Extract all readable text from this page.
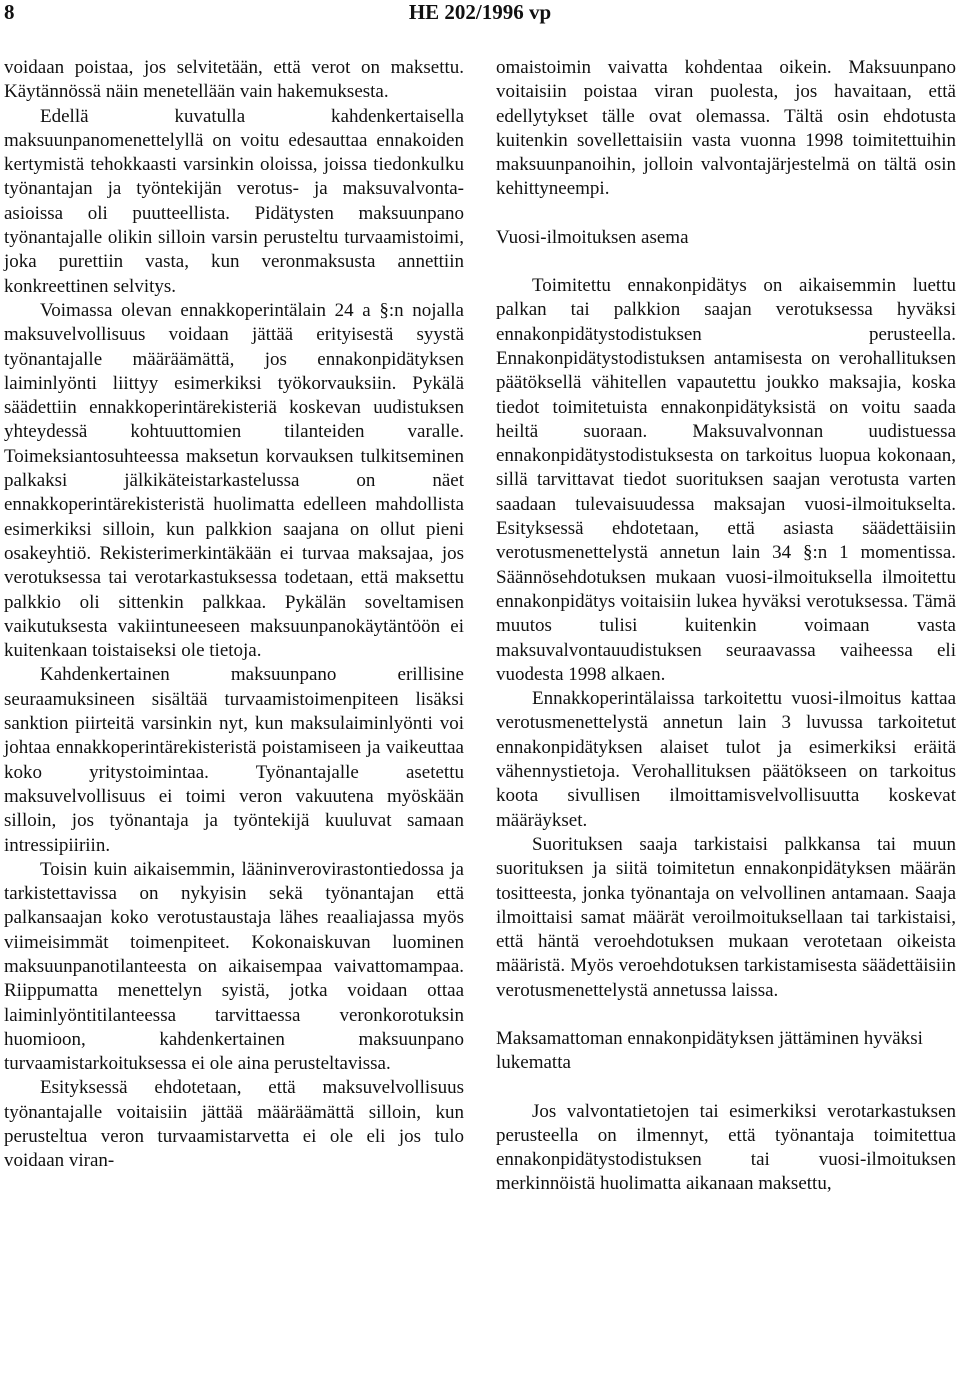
8	HE 202/1996 vp

voidaan poistaa, jos selvitetään, että verot on maksettu. Käytännössä näin menetellään vain hakemuksesta.

Edellä kuvatulla kahdenkertaisella maksuunpanomenettelyllä on voitu edesauttaa ennakoiden kertymistä tehokkaasti varsinkin oloissa, joissa tiedonkulku työnantajan ja työntekijän verotus- ja maksuvalvonta-asioissa oli puutteellista. Pidätysten maksuunpano työnantajalle olikin silloin varsin perusteltu turvaamistoimi, joka purettiin vasta, kun veronmaksusta annettiin konkreettinen selvitys.

Voimassa olevan ennakkoperintälain 24 a §:n nojalla maksuvelvollisuus voidaan jättää erityisestä syystä työnantajalle määräämättä, jos ennakonpidätyksen laiminlyönti liittyy esimerkiksi työkorvauksiin. Pykälä säädettiin ennakkoperintärekisteriä koskevan uudistuksen yhteydessä kohtuuttomien tilanteiden varalle. Toimeksiantosuhteessa maksetun korvauksen tulkitseminen palkaksi jälkikäteistarkastelussa on näet ennakkoperintärekisteristä huolimatta edelleen mahdollista esimerkiksi silloin, kun palkkion saajana on ollut pieni osakeyhtiö. Rekisterimerkintäkään ei turvaa maksajaa, jos verotuksessa tai verotarkastuksessa todetaan, että maksettu palkkio oli sittenkin palkkaa. Pykälän soveltamisen vaikutuksesta vakiintuneeseen maksuunpanokäytäntöön ei kuitenkaan toistaiseksi ole tietoja.

Kahdenkertainen maksuunpano erillisine seuraamuksineen sisältää turvaamistoimenpiteen lisäksi sanktion piirteitä varsinkin nyt, kun maksulaiminlyönti voi johtaa ennakkoperintärekisteristä poistamiseen ja vaikeuttaa koko yritystoimintaa. Työnantajalle asetettu maksuvelvollisuus ei toimi veron vakuutena myöskään silloin, jos työnantaja ja työntekijä kuuluvat samaan intressipiiriin.

Toisin kuin aikaisemmin, lääninverovirastontiedossa ja tarkistettavissa on nykyisin sekä työnantajan että palkansaajan koko verotustaustaja lähes reaaliajassa myös viimeisimmät toimenpiteet. Kokonaiskuvan luominen maksuunpanotilanteesta on aikaisempaa vaivattomampaa. Riippumatta menettelyn syistä, jotka voidaan ottaa laiminlyöntitilanteessa tarvittaessa veronkorotuksin huomioon, kahdenkertainen maksuunpano turvaamistarkoituksessa ei ole aina perusteltavissa.

Esityksessä ehdotetaan, että maksuvelvollisuus työnantajalle voitaisiin jättää määräämättä silloin, kun perusteltua veron turvaamistarvetta ei ole eli jos tulo voidaan viran-

omaistoimin vaivatta kohdentaa oikein. Maksuunpano voitaisiin poistaa viran puolesta, jos havaitaan, että edellytykset tälle ovat olemassa. Tältä osin ehdotusta kuitenkin sovellettaisiin vasta vuonna 1998 toimitettuihin maksuunpanoihin, jolloin valvontajärjestelmä on tältä osin kehittyneempi.

Vuosi-ilmoituksen asema

Toimitettu ennakonpidätys on aikaisemmin luettu palkan tai palkkion saajan verotuksessa hyväksi ennakonpidätystodistuksen perusteella. Ennakonpidätystodistuksen antamisesta on verohallituksen päätöksellä vähitellen vapautettu joukko maksajia, koska tiedot toimitetuista ennakonpidätyksistä on voitu saada heiltä suoraan. Maksuvalvonnan uudistuessa ennakonpidätystodistuksesta on tarkoitus luopua kokonaan, sillä tarvittavat tiedot suorituksen saajan verotusta varten saadaan tulevaisuudessa maksajan vuosi-ilmoitukselta. Esityksessä ehdotetaan, että asiasta säädettäisiin verotusmenettelystä annetun lain 34 §:n 1 momentissa. Säännösehdotuksen mukaan vuosi-ilmoituksella ilmoitettu ennakonpidätys voitaisiin lukea hyväksi verotuksessa. Tämä muutos tulisi kuitenkin voimaan vasta maksuvalvontauudistuksen seuraavassa vaiheessa eli vuodesta 1998 alkaen.

Ennakkoperintälaissa tarkoitettu vuosi-ilmoitus kattaa verotusmenettelystä annetun lain 3 luvussa tarkoitetut ennakonpidätyksen alaiset tulot ja esimerkiksi eräitä vähennystietoja. Verohallituksen päätökseen on tarkoitus koota sivullisen ilmoittamisvelvollisuutta koskevat määräykset.

Suorituksen saaja tarkistaisi palkkansa tai muun suorituksen ja siitä toimitetun ennakonpidätyksen määrän tositteesta, jonka työnantaja on velvollinen antamaan. Saaja ilmoittaisi samat määrät veroilmoituksellaan tai tarkistaisi, että häntä veroehdotuksen mukaan verotetaan oikeista määristä. Myös veroehdotuksen tarkistamisesta säädettäisiin verotusmenettelystä annetussa laissa.

Maksamattoman ennakonpidätyksen jättäminen hyväksi lukematta

Jos valvontatietojen tai esimerkiksi verotarkastuksen perusteella on ilmennyt, että työnantaja toimitettua ennakonpidätystodistuksen tai vuosi-ilmoituksen merkinnöistä huolimatta aikanaan maksettu,
